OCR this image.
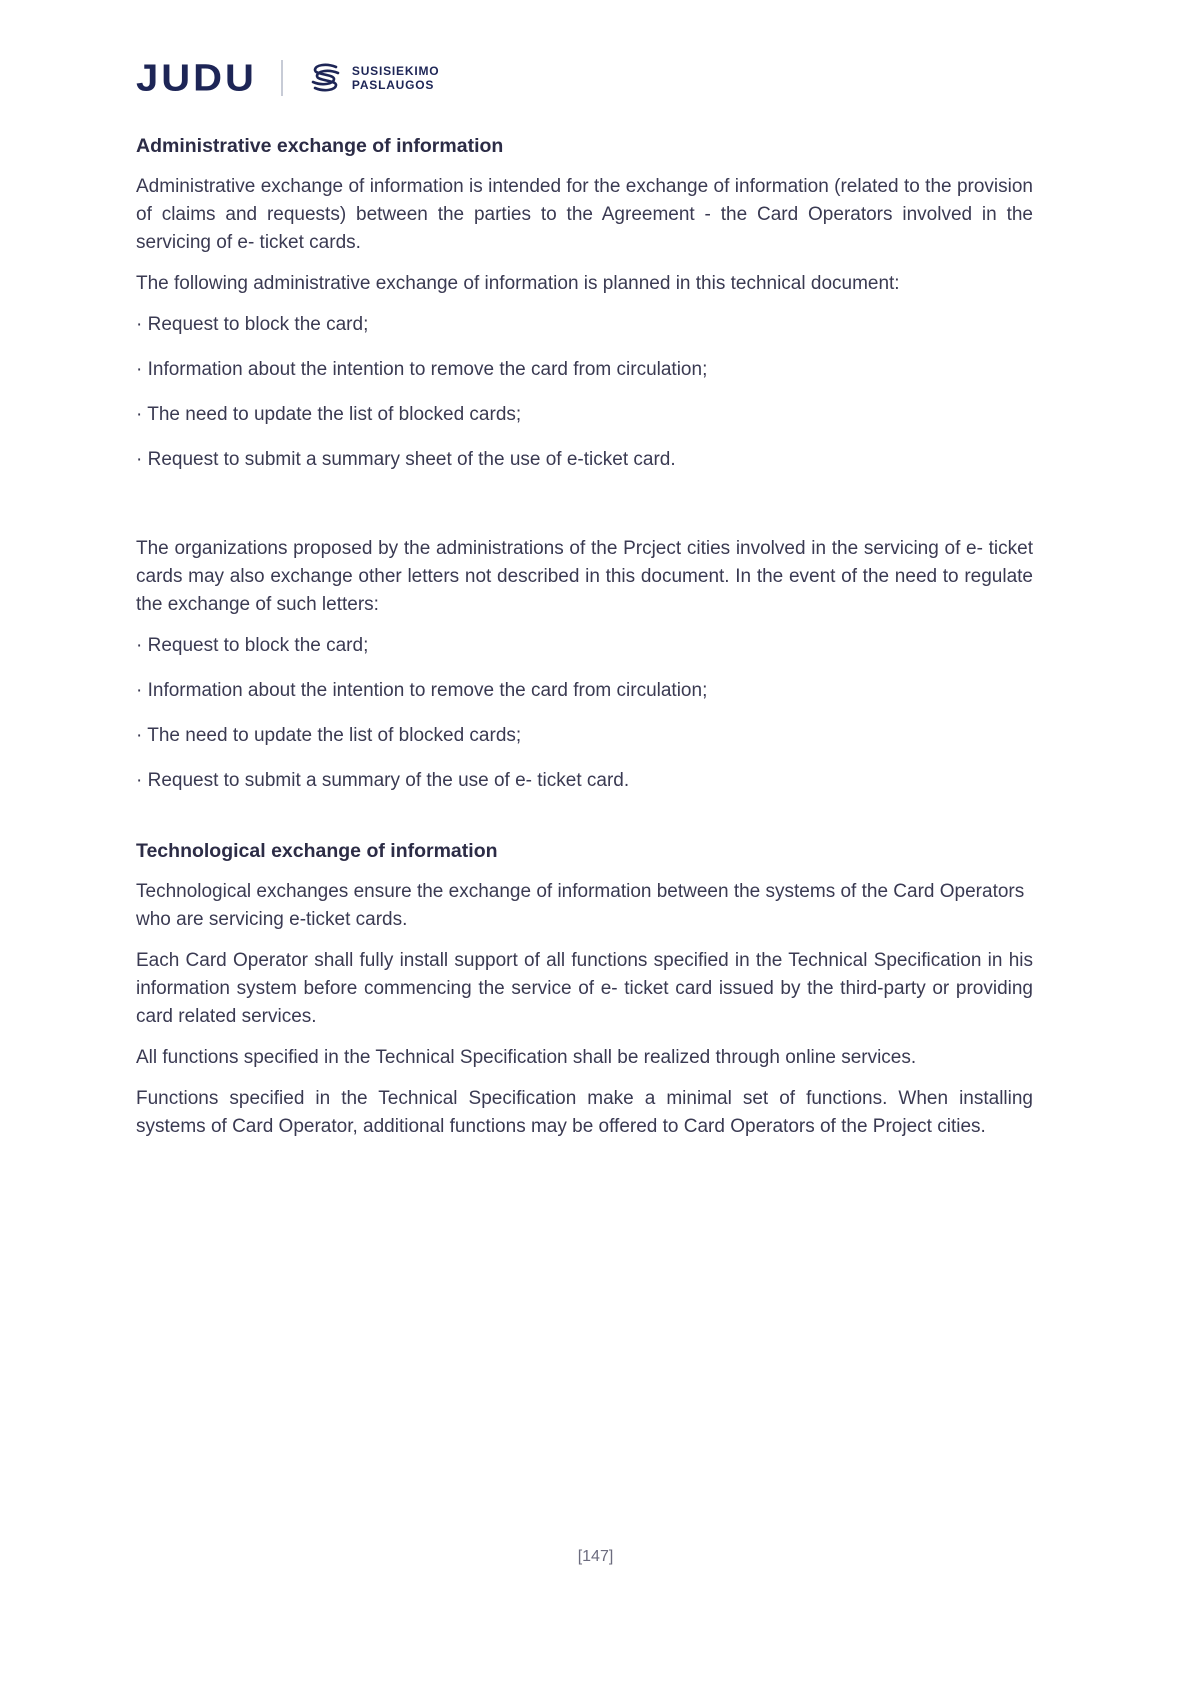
JUDU	SUSISIEKIMO
PASLAUGOS
Administrative exchange of information

Administrative exchange of information is intended for the exchange of information (related to the provision of claims and requests) between the parties to the Agreement - the Card Operators involved in the servicing of e- ticket cards.

The following administrative exchange of information is planned in this technical document:

· Request to block the card;

· Information about the intention to remove the card from circulation;

· The need to update the list of blocked cards;

· Request to submit a summary sheet of the use of e-ticket card.

The organizations proposed by the administrations of the Prcject cities involved in the servicing of e- ticket cards may also exchange other letters not described in this document. In the event of the need to regulate the exchange of such letters:

· Request to block the card;

· Information about the intention to remove the card from circulation;

· The need to update the list of blocked cards;

· Request to submit a summary of the use of e- ticket card.

Technological exchange of information

Technological exchanges ensure the exchange of information between the systems of the Card Operators who are servicing e-ticket cards.

Each Card Operator shall fully install support of all functions specified in the Technical Specification in his information system before commencing the service of e- ticket card issued by the third-party or providing card related services.

All functions specified in the Technical Specification shall be realized through online services.

Functions specified in the Technical Specification make a minimal set of functions. When installing systems of Card Operator, additional functions may be offered to Card Operators of the Project cities.

[147]
